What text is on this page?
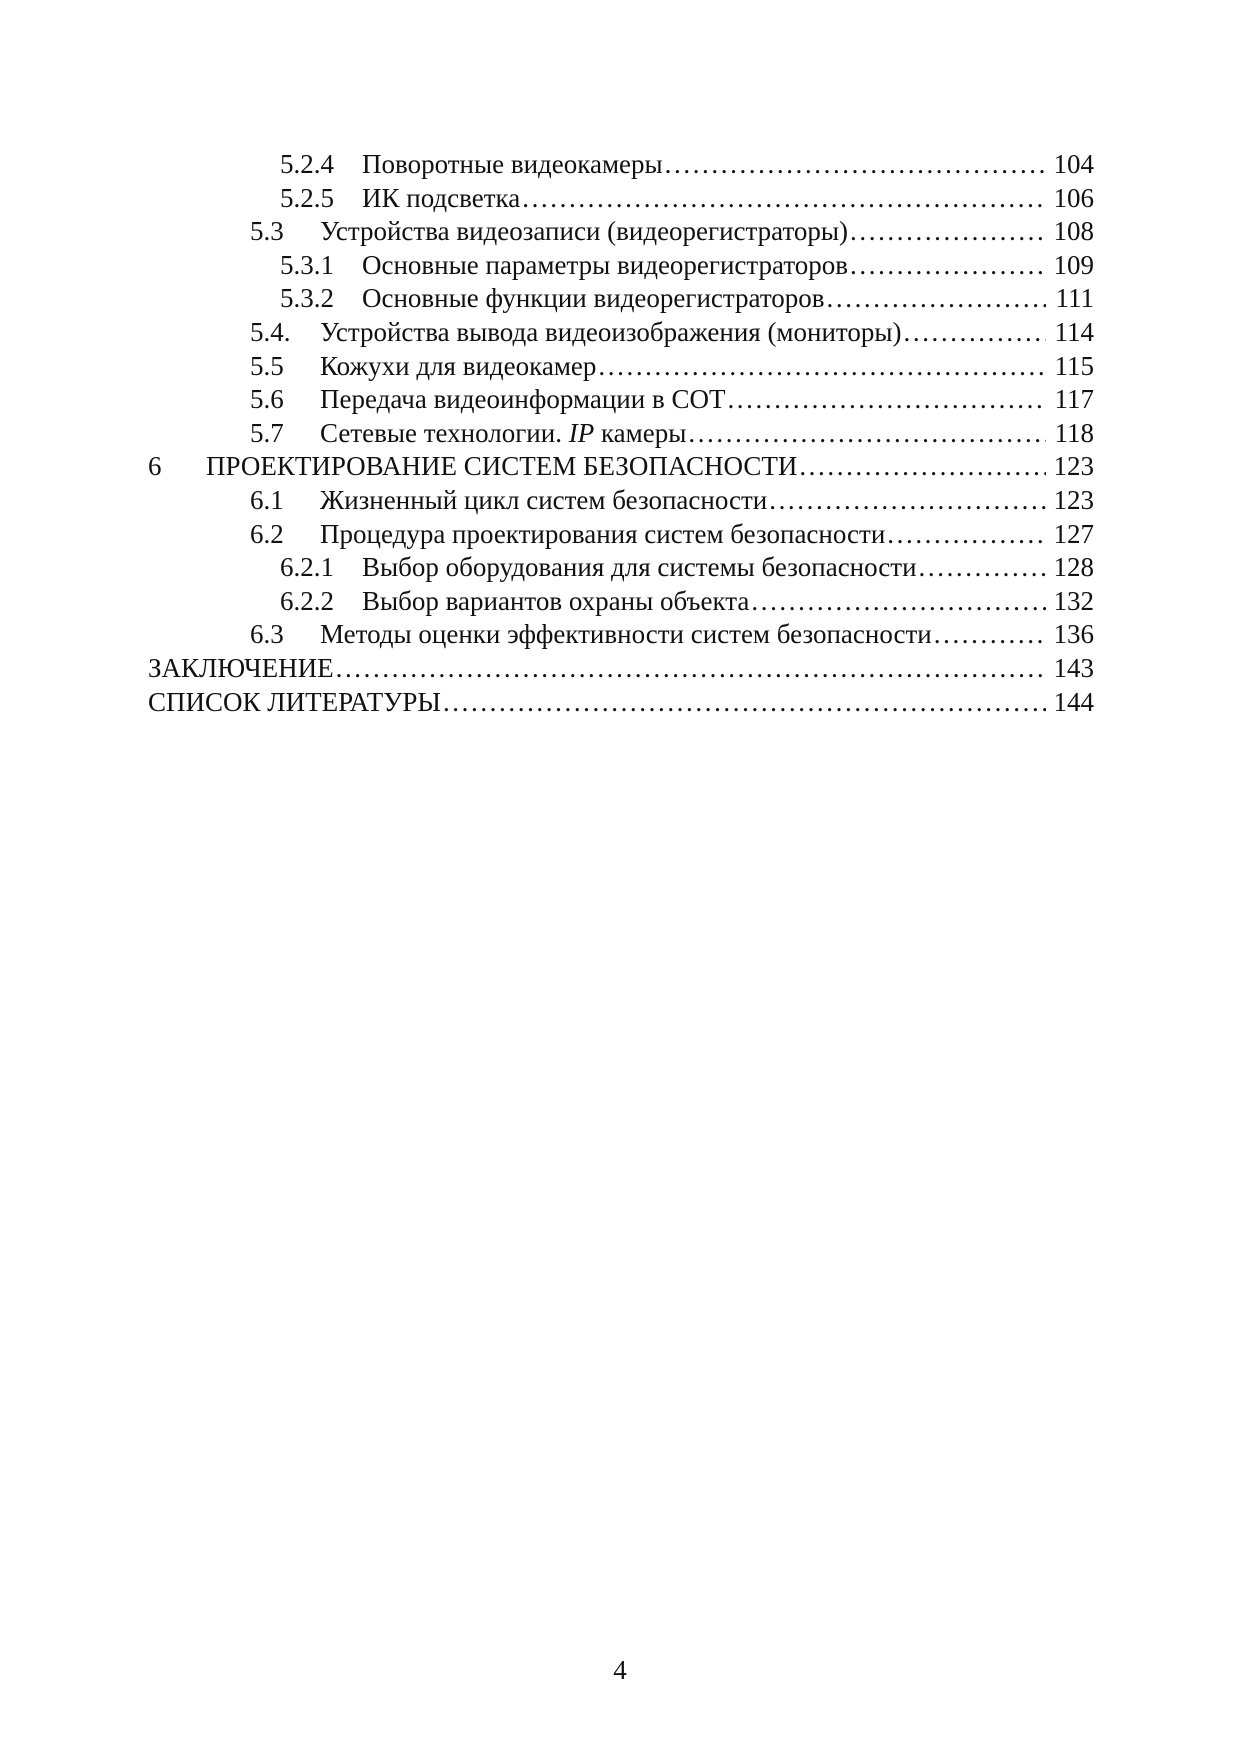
5.2.4	Поворотные видеокамеры .....	104
5.2.5	ИК подсветка .....	106
5.3	Устройства видеозаписи (видеорегистраторы) .....	108
5.3.1	Основные параметры видеорегистраторов .....	109
5.3.2	Основные функции видеорегистраторов .....	111
5.4.	Устройства вывода видеоизображения (мониторы) .....	114
5.5	Кожухи для видеокамер .....	115
5.6	Передача видеоинформации в СОТ .....	117
5.7	Сетевые технологии. IP камеры .....	118
6	ПРОЕКТИРОВАНИЕ СИСТЕМ БЕЗОПАСНОСТИ .....	123
6.1	Жизненный цикл систем безопасности .....	123
6.2	Процедура проектирования систем безопасности .....	127
6.2.1	Выбор оборудования для системы безопасности .....	128
6.2.2	Выбор вариантов охраны объекта .....	132
6.3	Методы оценки эффективности систем безопасности .....	136
ЗАКЛЮЧЕНИЕ .....	143
СПИСОК ЛИТЕРАТУРЫ .....	144
4
